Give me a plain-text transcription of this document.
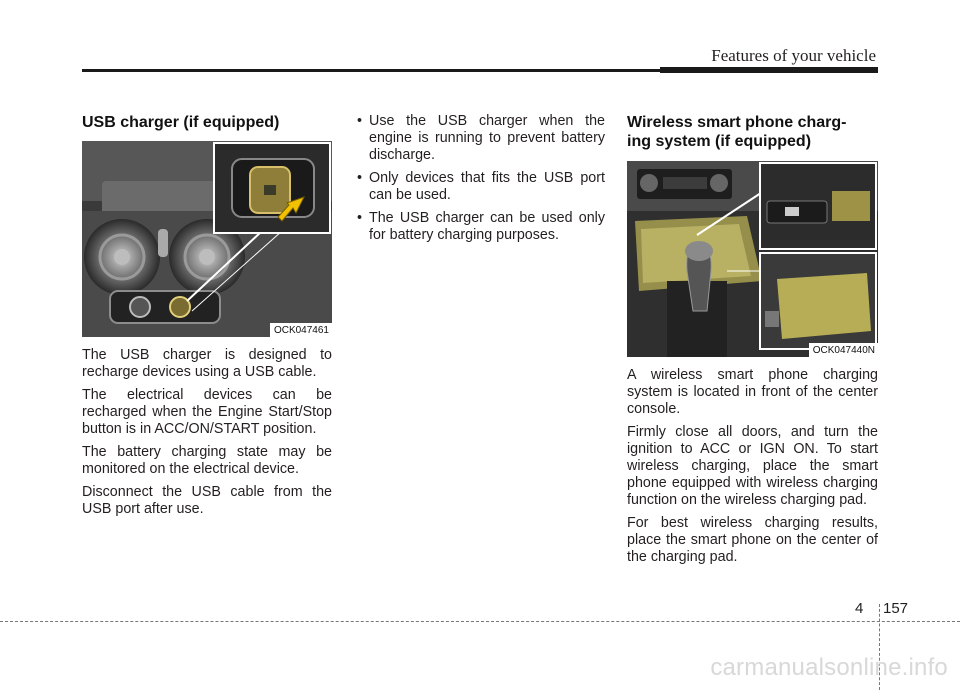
Features of your vehicle
USB charger (if equipped)
OCK047461

The USB charger is designed to recharge devices using a USB cable.

The electrical devices can be recharged when the Engine Start/Stop button is in ACC/ON/START position.

The battery charging state may be monitored on the electrical device.

Disconnect the USB cable from the USB port after use.

• Use the USB charger when the engine is running to prevent battery discharge.
• Only devices that fits the USB port can be used.
• The USB charger can be used only for battery charging purposes.
Wireless smart phone charg-
ing system (if equipped)
OCK047440N

A wireless smart phone charging system is located in front of the center console.

Firmly close all doors, and turn the ignition to ACC or IGN ON. To start wireless charging, place the smart phone equipped with wireless charging function on the wireless charging pad.

For best wireless charging results, place the smart phone on the center of the charging pad.

4 157
carmanualsonline.info
